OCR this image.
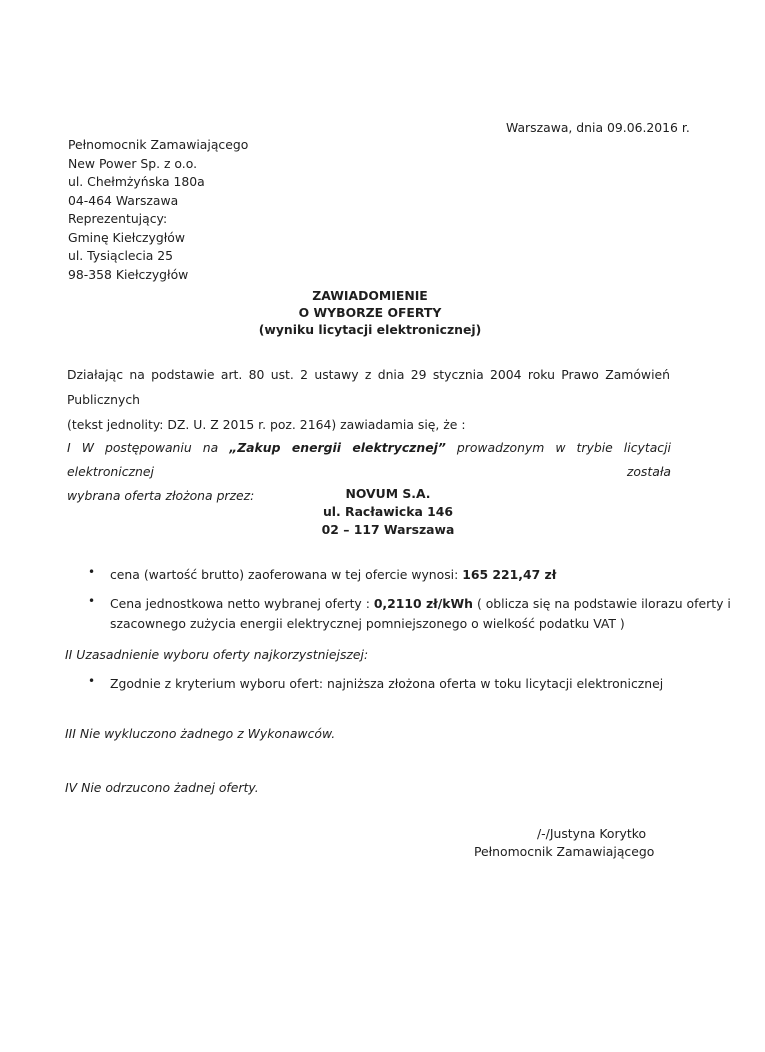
Warszawa, dnia 09.06.2016 r.
Pełnomocnik Zamawiającego
New Power Sp. z o.o.
ul. Chełmżyńska 180a
04-464 Warszawa
Reprezentujący:
Gminę Kiełczygłów
ul. Tysiąclecia 25
98-358 Kiełczygłów
ZAWIADOMIENIE
O WYBORZE OFERTY
(wyniku licytacji elektronicznej)
Działając na podstawie art. 80 ust. 2 ustawy z dnia 29 stycznia 2004 roku Prawo Zamówień Publicznych
(tekst jednolity: DZ. U. Z 2015 r. poz. 2164) zawiadamia się, że :
I W postępowaniu na „Zakup energii elektrycznej” prowadzonym w trybie licytacji elektronicznej została
wybrana oferta złożona przez:	NOVUM S.A.
ul. Racławicka 146
02 – 117 Warszawa
• cena (wartość brutto) zaoferowana w tej ofercie wynosi: 165 221,47 zł
• Cena jednostkowa netto wybranej oferty : 0,2110 zł/kWh ( oblicza się na podstawie ilorazu oferty i
szacownego zużycia energii elektrycznej pomniejszonego o wielkość podatku VAT )
II Uzasadnienie wyboru oferty najkorzystniejszej:
• Zgodnie z kryterium wyboru ofert: najniższa złożona oferta w toku licytacji elektronicznej
III Nie wykluczono żadnego z Wykonawców.
IV Nie odrzucono żadnej oferty.
/-/Justyna Korytko
Pełnomocnik Zamawiającego
